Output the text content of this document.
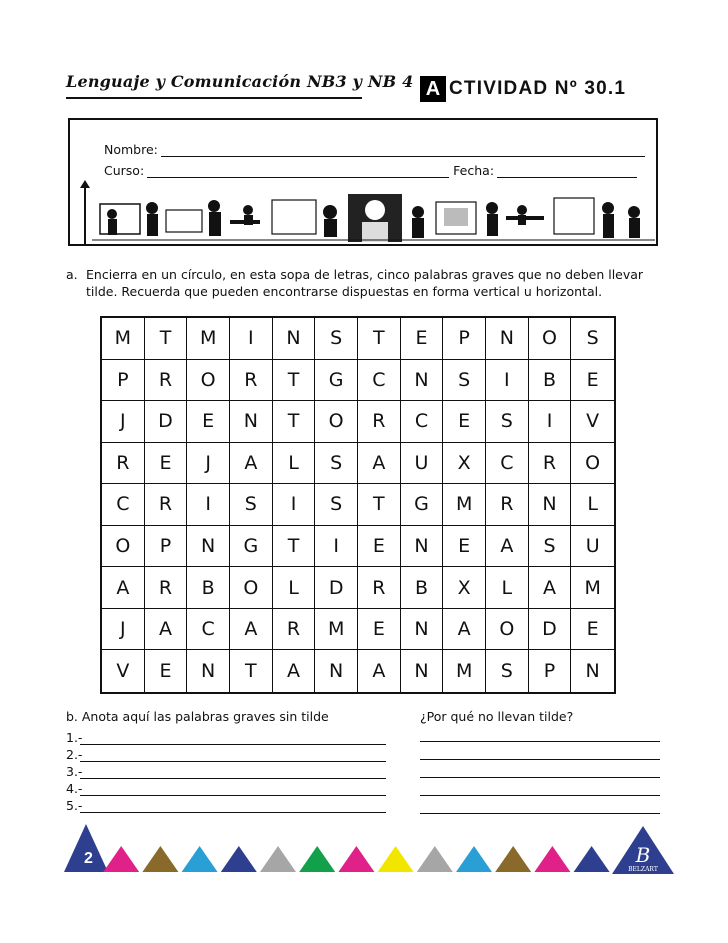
Lenguaje y Comunicación NB3 y NB 4 A CTIVIDAD Nº 30.1
Nombre:
Curso:	Fecha:
a. Encierra en un círculo, en esta sopa de letras, cinco palabras graves que no deben llevar tilde. Recuerda que pueden encontrarse dispuestas en forma vertical u horizontal.
M	T	M	I	N	S	T	E	P	N	O	S
P	R	O	R	T	G	C	N	S	I	B	E
J	D	E	N	T	O	R	C	E	S	I	V
R	E	J	A	L	S	A	U	X	C	R	O
C	R	I	S	I	S	T	G	M	R	N	L
O	P	N	G	T	I	E	N	E	A	S	U
A	R	B	O	L	D	R	B	X	L	A	M
J	A	C	A	R	M	E	N	A	O	D	E
V	E	N	T	A	N	A	N	M	S	P	N
b. Anota aquí las palabras graves sin tilde
1.-
2.-
3.-
4.-
5.-
¿Por qué no llevan tilde?
2	B
BELZART
